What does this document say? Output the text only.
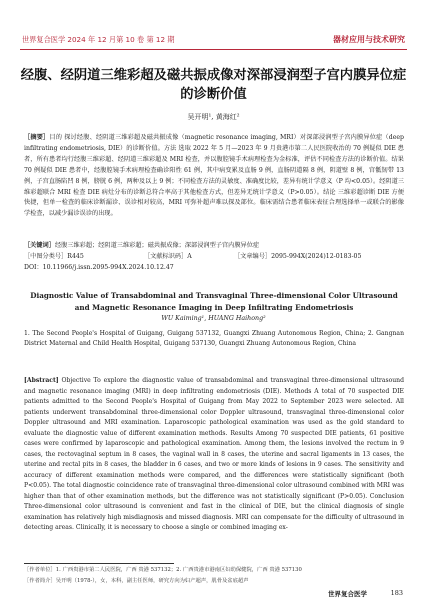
世界复合医学 2024 年 12 月第 10 卷 第 12 期	器材应用与技术研究
经腹、经阴道三维彩超及磁共振成像对深部浸润型子宫内膜异位症的诊断价值
吴开明¹, 黄海红²
［摘要］目的 探讨经腹、经阴道三维彩超及磁共振成像（magnetic resonance imaging, MRI）对深部浸润型子宫内膜异位症（deep infiltrating endometriosis, DIE）的诊断价值。方法 选取 2022 年 5 月—2023 年 9 月贵港市第二人民医院收治的 70 例疑似 DIE 患者，所有患者均行经腹三维彩超、经阴道三维彩超及 MRI 检查，并以腹腔镜手术病理检查为金标准，评估不同检查方法的诊断价值。结果 70 例疑似 DIE 患者中，经腹腔镜手术病理检查确诊阳性 61 例，其中病变累及直肠 9 例，直肠阴道隔 8 例，阴道壁 8 例，宫骶韧带 13 例，子宫直肠陷凹 8 例，膀胱 6 例，两种及以上 9 例；不同检查方法的灵敏度、准确度比较，差异有统计学意义（P 均<0.05）。经阴道三维彩超联合 MRI 检查 DIE 病灶分布的诊断总符合率高于其他检查方式，但差异无统计学意义（P>0.05）。结论 三维彩超诊断 DIE 方便快捷，但单一检查的临床诊断漏诊、误诊相对较高，MRI 可弥补超声难以探及部位。临床需结合患者临床表征合理选择单一或联合的影像学检查，以减少漏诊误诊的出现。
［关键词］经腹三维彩超；经阴道三维彩超；磁共振成像；深部浸润型子宫内膜异位症
［中图分类号］R445	［文献标识码］A	［文章编号］2095-994X(2024)12-0183-05
DOI：10.11966/j.issn.2095-994X.2024.10.12.47
Diagnostic Value of Transabdominal and Transvaginal Three-dimensional Color Ultrasound and Magnetic Resonance Imaging in Deep Infiltrating Endometriosis
WU Kaiming¹, HUANG Haihong²
1. The Second People's Hospital of Guigang, Guigang 537132, Guangxi Zhuang Autonomous Region, China; 2. Gangnan District Maternal and Child Health Hospital, Guigang 537130, Guangxi Zhuang Autonomous Region, China
[Abstract] Objective To explore the diagnostic value of transabdominal and transvaginal three-dimensional ultrasound and magnetic resonance imaging (MRI) in deep infiltrating endometriosis (DIE). Methods A total of 70 suspected DIE patients admitted to the Second People's Hospital of Guigang from May 2022 to September 2023 were selected. All patients underwent transabdominal three-dimensional color Doppler ultrasound, transvaginal three-dimensional color Doppler ultrasound and MRI examination. Laparoscopic pathological examination was used as the gold standard to evaluate the diagnostic value of different examination methods. Results Among 70 suspected DIE patients, 61 positive cases were confirmed by laparoscopic and pathological examination. Among them, the lesions involved the rectum in 9 cases, the rectovaginal septum in 8 cases, the vaginal wall in 8 cases, the uterine and sacral ligaments in 13 cases, the uterine and rectal pits in 8 cases, the bladder in 6 cases, and two or more kinds of lesions in 9 cases. The sensitivity and accuracy of different examination methods were compared, and the differences were statistically significant (both P<0.05). The total diagnostic coincidence rate of transvaginal three-dimensional color ultrasound combined with MRI was higher than that of other examination methods, but the difference was not statistically significant (P>0.05). Conclusion Three-dimensional color ultrasound is convenient and fast in the clinical of DIE, but the clinical diagnosis of single examination has relatively high misdiagnosis and missed diagnosis. MRI can compensate for the difficulty of ultrasound in detecting areas. Clinically, it is necessary to choose a single or combined imaging ex-
［作者单位］1. 广西贵港市第二人民医院，广西 贵港 537132；2. 广西贵港市港南区妇幼保健院，广西 贵港 537130
［作者简介］吴开明（1978-），女，本科，副主任医师，研究方向为妇产超声，肌骨及盆底超声
世界复合医学	183
